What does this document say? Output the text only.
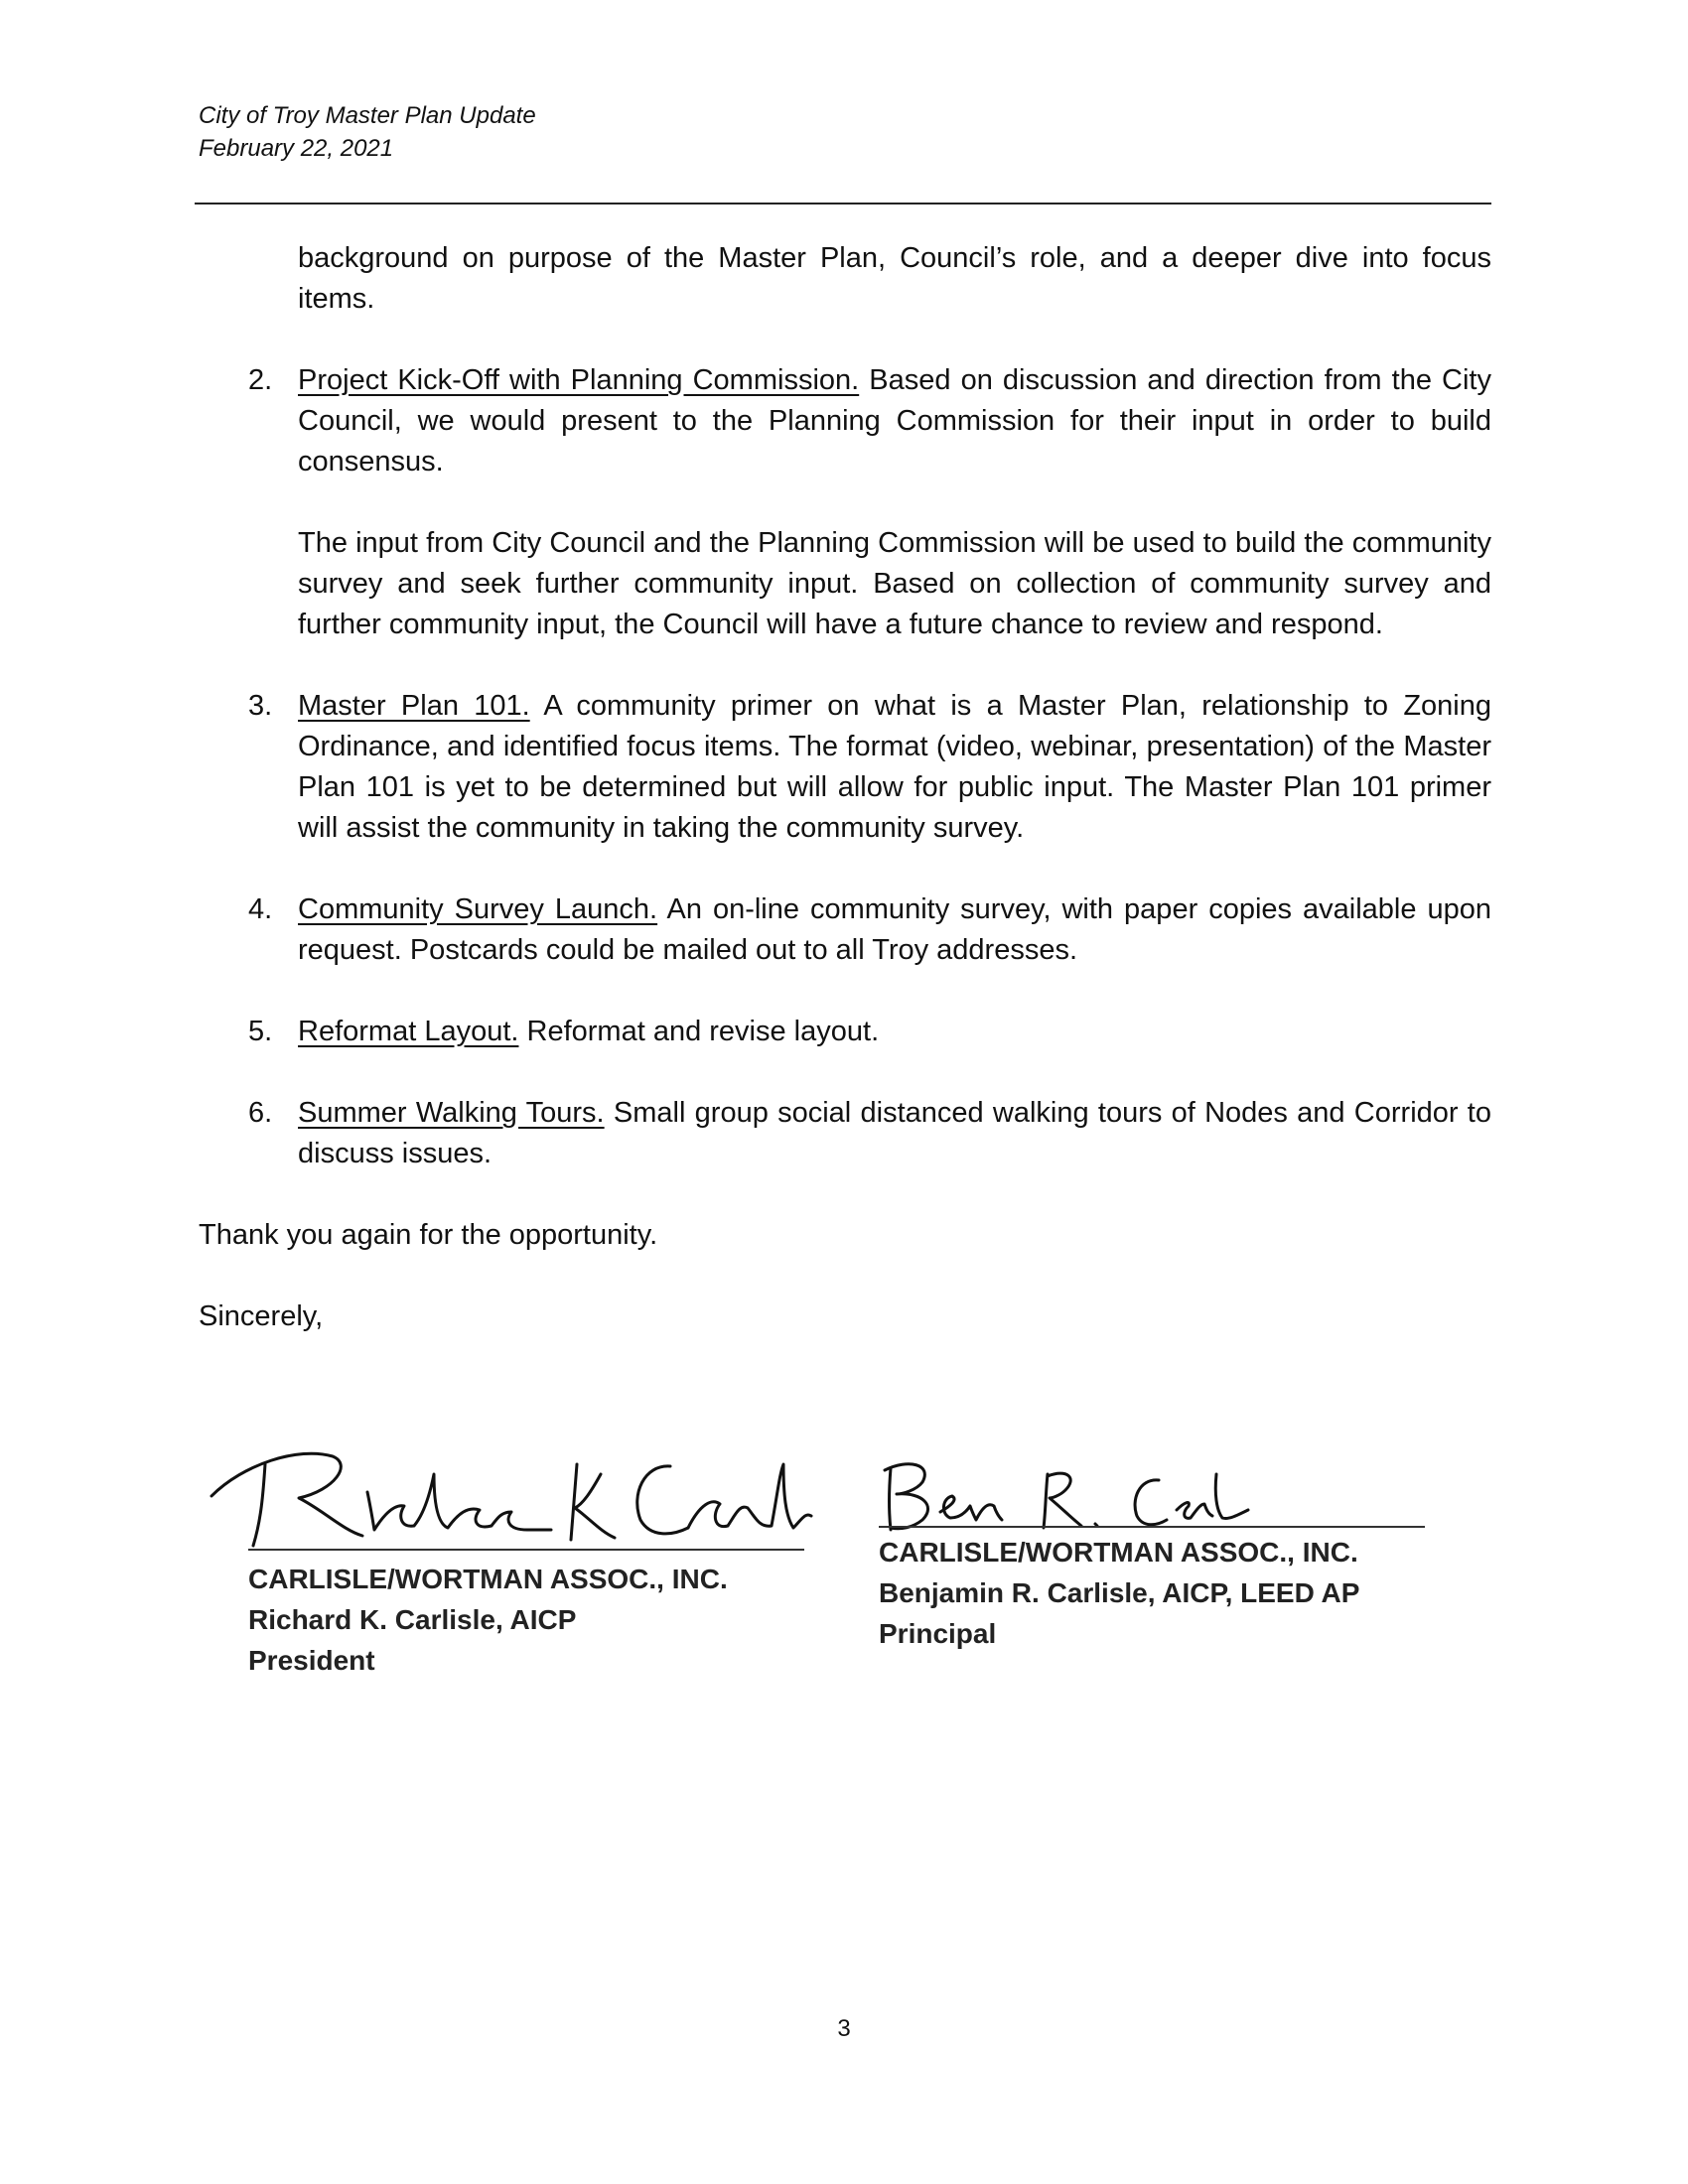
City of Troy Master Plan Update
February 22, 2021

background on purpose of the Master Plan, Council’s role, and a deeper dive into focus items.

2. Project Kick-Off with Planning Commission. Based on discussion and direction from the City Council, we would present to the Planning Commission for their input in order to build consensus.

The input from City Council and the Planning Commission will be used to build the community survey and seek further community input. Based on collection of community survey and further community input, the Council will have a future chance to review and respond.

3. Master Plan 101. A community primer on what is a Master Plan, relationship to Zoning Ordinance, and identified focus items. The format (video, webinar, presentation) of the Master Plan 101 is yet to be determined but will allow for public input. The Master Plan 101 primer will assist the community in taking the community survey.

4. Community Survey Launch. An on-line community survey, with paper copies available upon request. Postcards could be mailed out to all Troy addresses.

5. Reformat Layout. Reformat and revise layout.

6. Summer Walking Tours. Small group social distanced walking tours of Nodes and Corridor to discuss issues.

Thank you again for the opportunity.

Sincerely,

CARLISLE/WORTMAN ASSOC., INC.
Richard K. Carlisle, AICP
President
CARLISLE/WORTMAN ASSOC., INC.
Benjamin R. Carlisle, AICP, LEED AP
Principal
3
